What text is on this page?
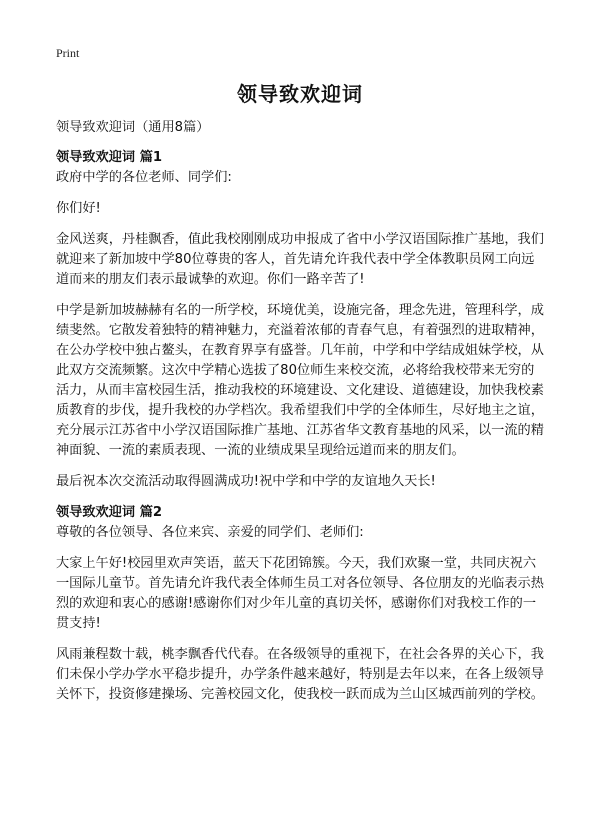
Print
领导致欢迎词

领导致欢迎词（通用8篇）

领导致欢迎词 篇1

政府中学的各位老师、同学们:

你们好!

金风送爽，丹桂飘香，值此我校刚刚成功申报成了省中小学汉语国际推广基地，我们就迎来了新加坡中学80位尊贵的客人，首先请允许我代表中学全体教职员网工向远道而来的朋友们表示最诚挚的欢迎。你们一路辛苦了!

中学是新加坡赫赫有名的一所学校，环境优美，设施完备，理念先进，管理科学，成绩斐然。它散发着独特的精神魅力，充溢着浓郁的青春气息，有着强烈的进取精神，在公办学校中独占鳌头，在教育界享有盛誉。几年前，中学和中学结成姐妹学校，从此双方交流频繁。这次中学精心选拔了80位师生来校交流，必将给我校带来无穷的活力，从而丰富校园生活，推动我校的环境建设、文化建设、道德建设，加快我校素质教育的步伐，提升我校的办学档次。我希望我们中学的全体师生，尽好地主之谊，充分展示江苏省中小学汉语国际推广基地、江苏省华文教育基地的风采，以一流的精神面貌、一流的素质表现、一流的业绩成果呈现给远道而来的朋友们。

最后祝本次交流活动取得圆满成功!祝中学和中学的友谊地久天长!

领导致欢迎词 篇2

尊敬的各位领导、各位来宾、亲爱的同学们、老师们:

大家上午好!校园里欢声笑语，蓝天下花团锦簇。今天，我们欢聚一堂，共同庆祝六一国际儿童节。首先请允许我代表全体师生员工对各位领导、各位朋友的光临表示热烈的欢迎和衷心的感谢!感谢你们对少年儿童的真切关怀，感谢你们对我校工作的一贯支持!

风雨兼程数十载，桃李飘香代代春。在各级领导的重视下，在社会各界的关心下，我们未保小学办学水平稳步提升，办学条件越来越好，特别是去年以来，在各上级领导关怀下，投资修建操场、完善校园文化，使我校一跃而成为兰山区城西前列的学校。
